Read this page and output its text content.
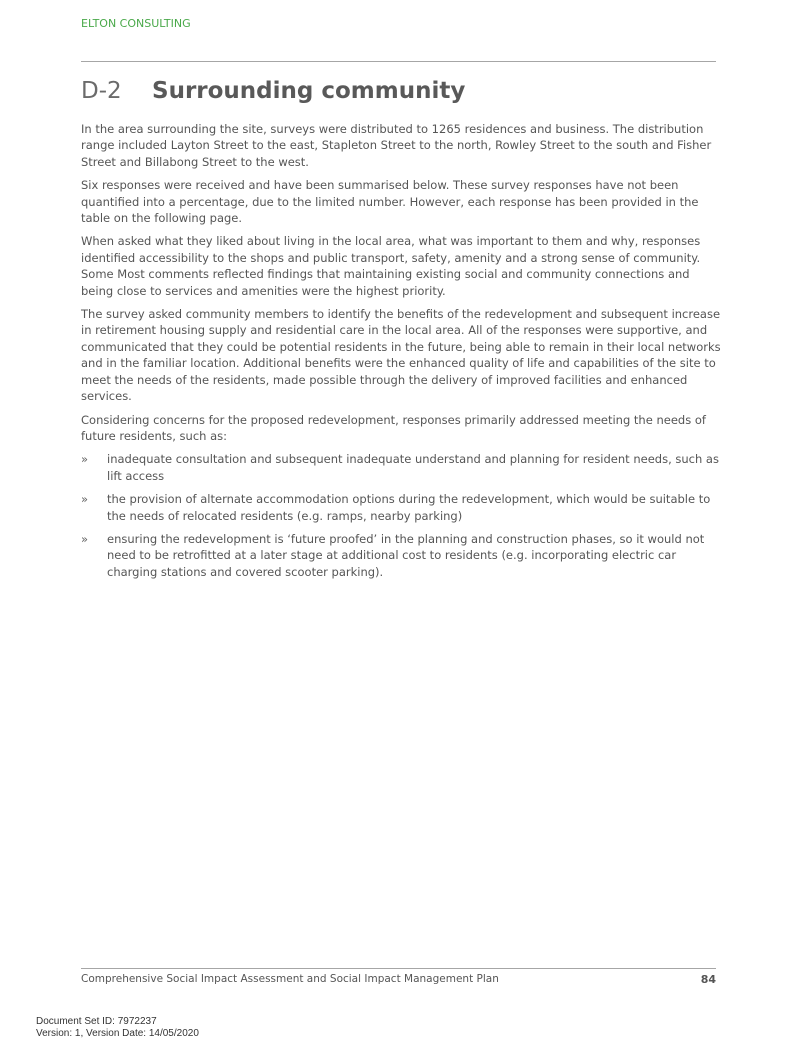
ELTON CONSULTING
D-2	Surrounding community

In the area surrounding the site, surveys were distributed to 1265 residences and business. The distribution range included Layton Street to the east, Stapleton Street to the north, Rowley Street to the south and Fisher Street and Billabong Street to the west.

Six responses were received and have been summarised below. These survey responses have not been quantified into a percentage, due to the limited number. However, each response has been provided in the table on the following page.

When asked what they liked about living in the local area, what was important to them and why, responses identified accessibility to the shops and public transport, safety, amenity and a strong sense of community. Some Most comments reflected findings that maintaining existing social and community connections and being close to services and amenities were the highest priority.

The survey asked community members to identify the benefits of the redevelopment and subsequent increase in retirement housing supply and residential care in the local area. All of the responses were supportive, and communicated that they could be potential residents in the future, being able to remain in their local networks and in the familiar location. Additional benefits were the enhanced quality of life and capabilities of the site to meet the needs of the residents, made possible through the delivery of improved facilities and enhanced services.

Considering concerns for the proposed redevelopment, responses primarily addressed meeting the needs of future residents, such as:

» inadequate consultation and subsequent inadequate understand and planning for resident needs, such as lift access
» the provision of alternate accommodation options during the redevelopment, which would be suitable to the needs of relocated residents (e.g. ramps, nearby parking)
» ensuring the redevelopment is ‘future proofed’ in the planning and construction phases, so it would not need to be retrofitted at a later stage at additional cost to residents (e.g. incorporating electric car charging stations and covered scooter parking).
Comprehensive Social Impact Assessment and Social Impact Management Plan	84
Document Set ID: 7972237
Version: 1, Version Date: 14/05/2020
